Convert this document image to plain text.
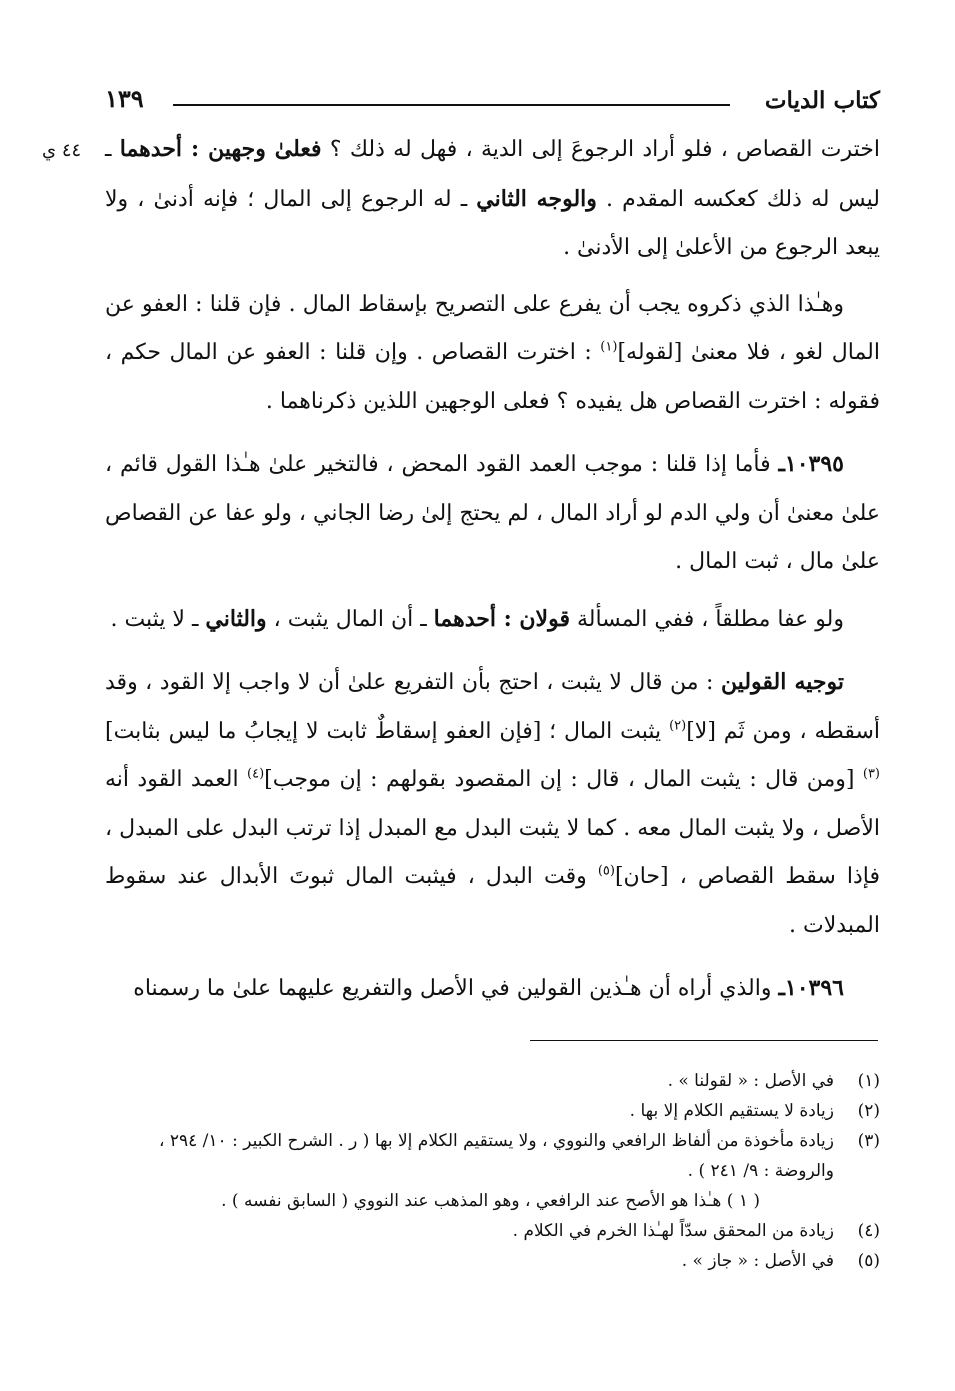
كتاب الديات
١٣٩
٤٤ ي	اخترت القصاص ، فلو أراد الرجوعَ إلى الدية ، فهل له ذلك ؟ فعلىٰ وجهين : أحدهما ـ ليس له ذلك كعكسه المقدم . والوجه الثاني ـ له الرجوع إلى المال ؛ فإنه أدنىٰ ، ولا يبعد الرجوع من الأعلىٰ إلى الأدنىٰ .

وهـٰذا الذي ذكروه يجب أن يفرع على التصريح بإسقاط المال . فإن قلنا : العفو عن المال لغو ، فلا معنىٰ [لقوله]$^{(١)}$ : اخترت القصاص . وإن قلنا : العفو عن المال حكم ، فقوله : اخترت القصاص هل يفيده ؟ فعلى الوجهين اللذين ذكرناهما .

١٠٣٩٥ـ فأما إذا قلنا : موجب العمد القود المحض ، فالتخير علىٰ هـٰذا القول قائم ، علىٰ معنىٰ أن ولي الدم لو أراد المال ، لم يحتج إلىٰ رضا الجاني ، ولو عفا عن القصاص علىٰ مال ، ثبت المال .

ولو عفا مطلقاً ، ففي المسألة قولان : أحدهما ـ أن المال يثبت ، والثاني ـ لا يثبت .

توجيه القولين : من قال لا يثبت ، احتج بأن التفريع علىٰ أن لا واجب إلا القود ، وقد أسقطه ، ومن ثَم [لا]$^{(٢)}$ يثبت المال ؛ [فإن العفو إسقاطٌ ثابت لا إيجابُ ما ليس بثابت]$^{(٣)}$ [ومن قال : يثبت المال ، قال : إن المقصود بقولهم : إن موجب]$^{(٤)}$ العمد القود أنه الأصل ، ولا يثبت المال معه . كما لا يثبت البدل مع المبدل إذا ترتب البدل على المبدل ، فإذا سقط القصاص ، [حان]$^{(٥)}$ وقت البدل ، فيثبت المال ثبوتَ الأبدال عند سقوط المبدلات .

١٠٣٩٦ـ والذي أراه أن هـٰذين القولين في الأصل والتفريع عليهما علىٰ ما رسمناه

(١)
في الأصل : « لقولنا » .
(٢)
زيادة لا يستقيم الكلام إلا بها .
(٣)
زيادة مأخوذة من ألفاظ الرافعي والنووي ، ولا يستقيم الكلام إلا بها ( ر . الشرح الكبير : ١٠/ ٢٩٤ ، والروضة : ٩/ ٢٤١ ) .
( ١ ) هـٰذا هو الأصح عند الرافعي ، وهو المذهب عند النووي ( السابق نفسه ) .
(٤)
زيادة من المحقق سدّاً لهـٰذا الخرم في الكلام .
(٥)
في الأصل : « جاز » .
